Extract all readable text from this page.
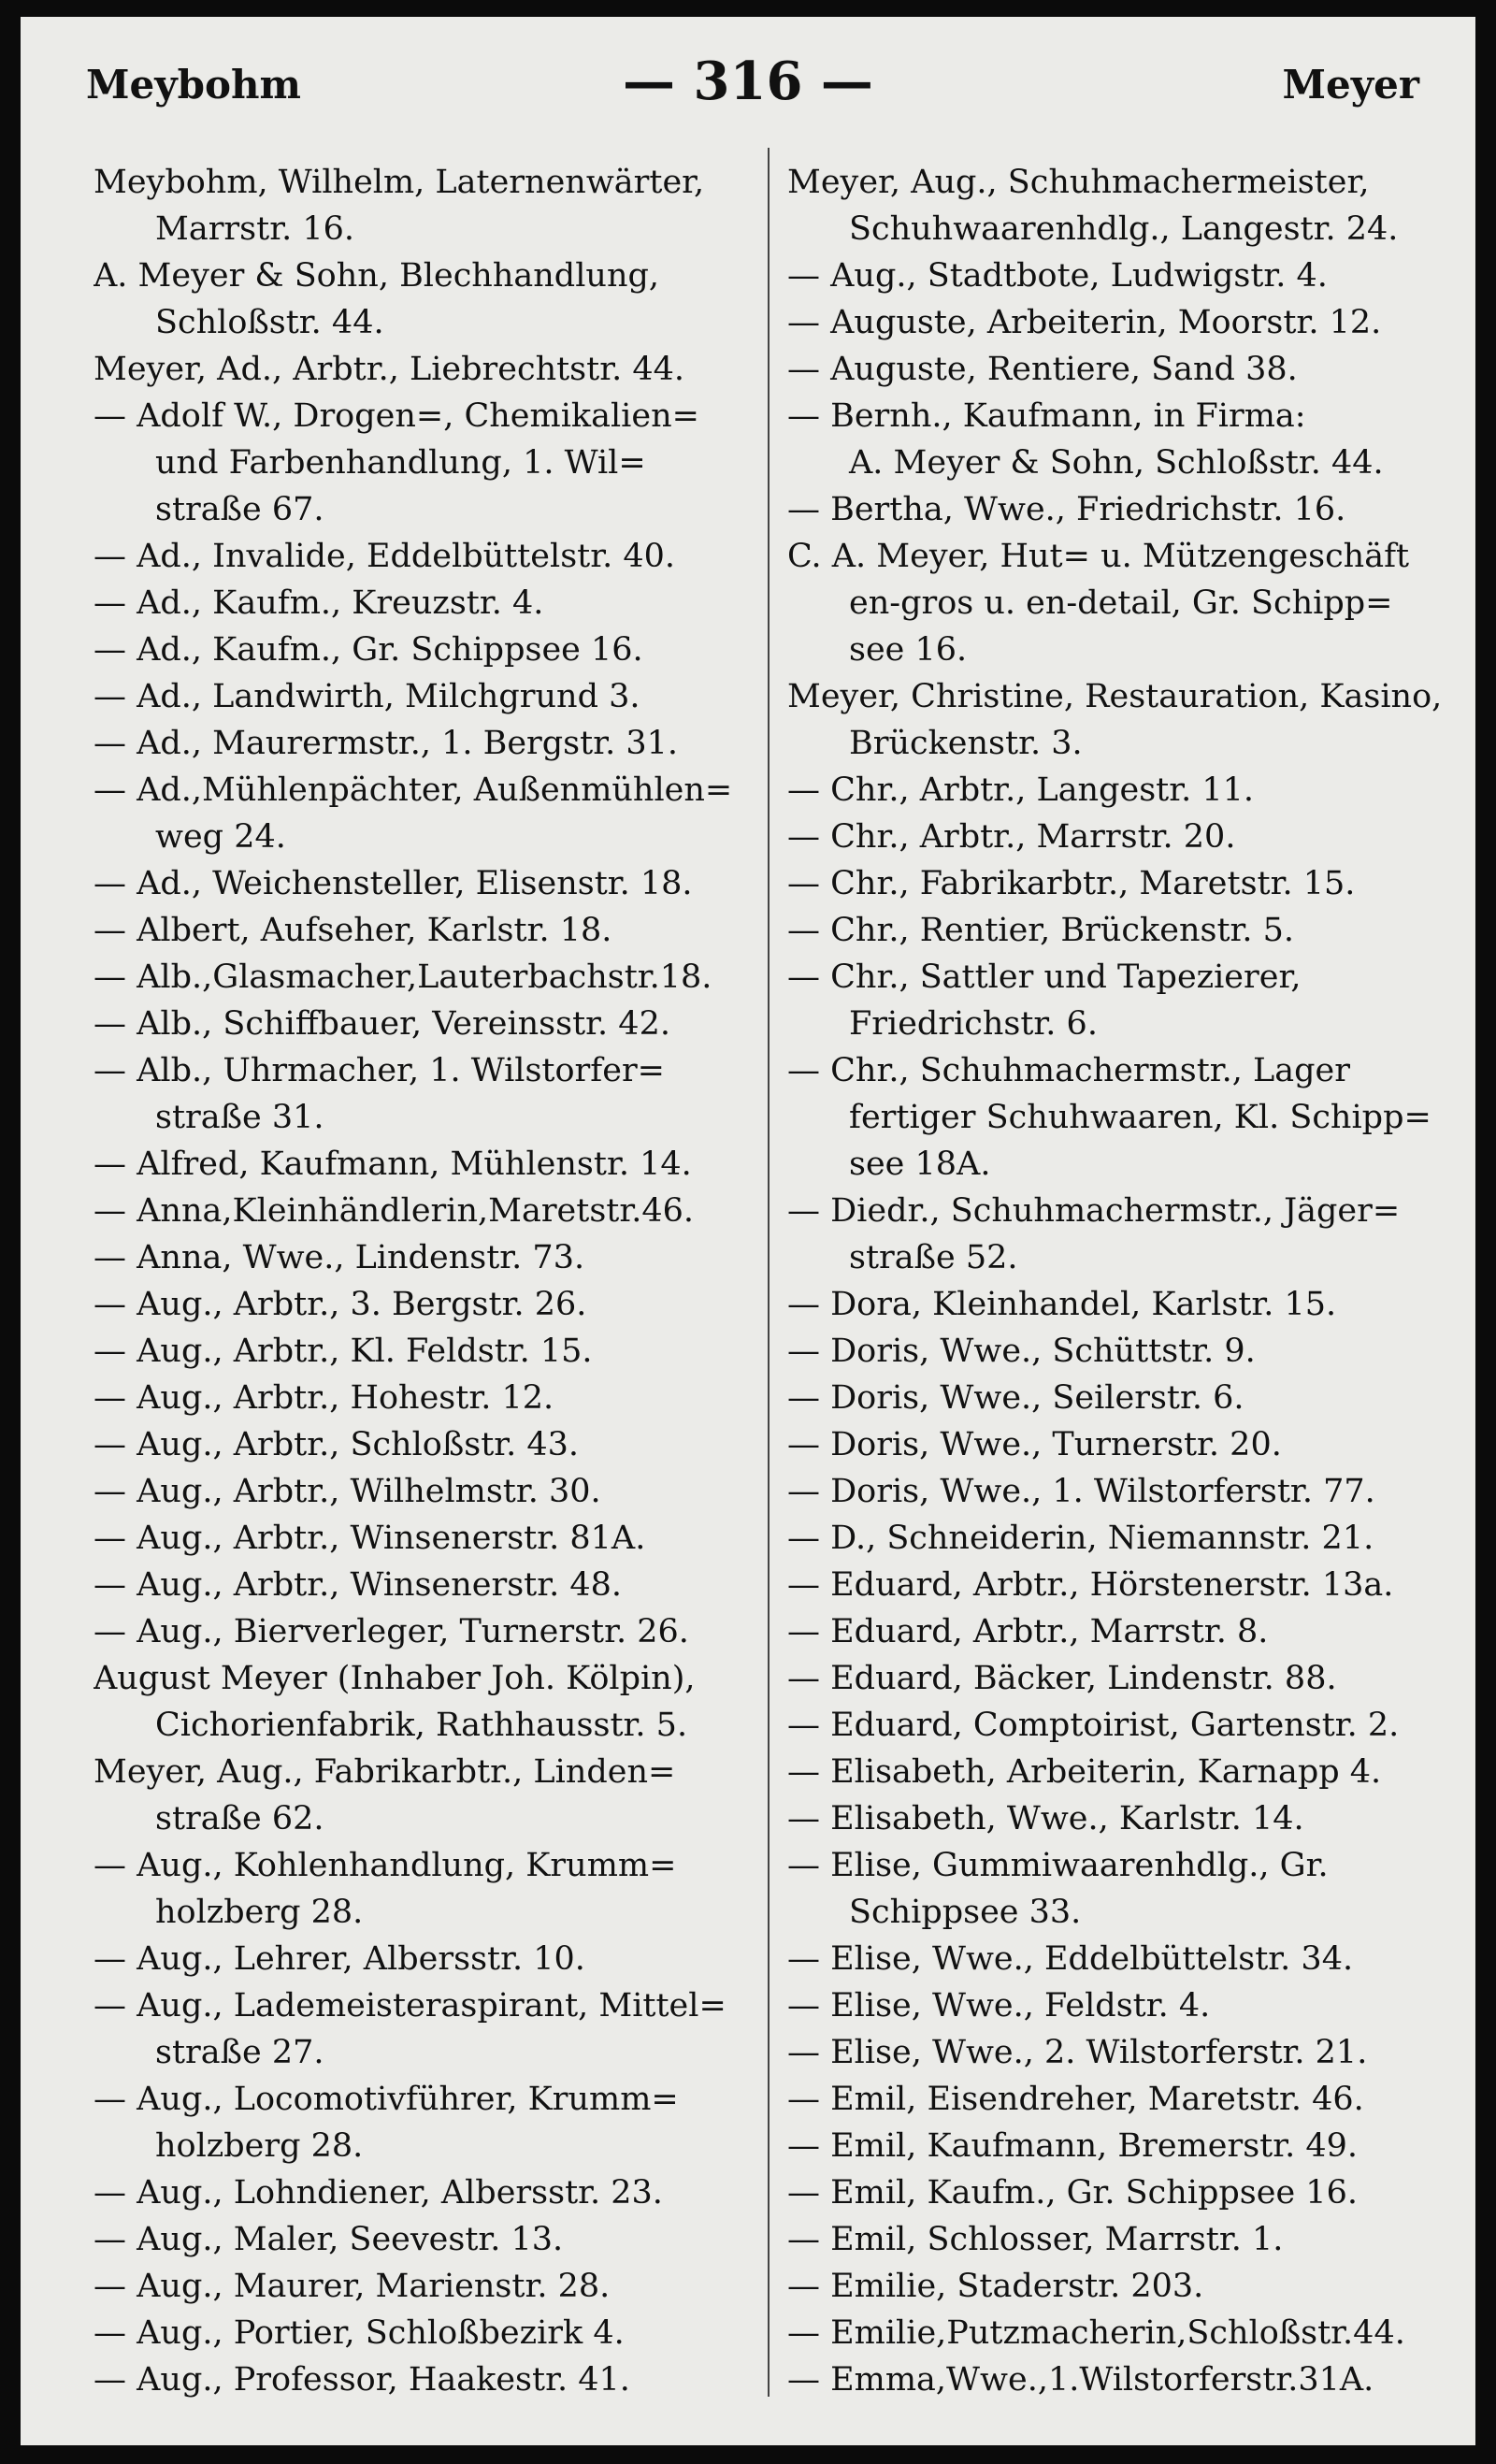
Meybohm	— 316 —	Meyer
Meybohm, Wilhelm, Laternenwärter,
Marrstr. 16.
A. Meyer & Sohn, Blechhandlung,
Schloßstr. 44.
Meyer, Ad., Arbtr., Liebrechtstr. 44.
— Adolf W., Drogen=, Chemikalien=
und Farbenhandlung, 1. Wil=
straße 67.
— Ad., Invalide, Eddelbüttelstr. 40.
— Ad., Kaufm., Kreuzstr. 4.
— Ad., Kaufm., Gr. Schippsee 16.
— Ad., Landwirth, Milchgrund 3.
— Ad., Maurermstr., 1. Bergstr. 31.
— Ad.,Mühlenpächter, Außenmühlen=
weg 24.
— Ad., Weichensteller, Elisenstr. 18.
— Albert, Aufseher, Karlstr. 18.
— Alb.,Glasmacher,Lauterbachstr.18.
— Alb., Schiffbauer, Vereinsstr. 42.
— Alb., Uhrmacher, 1. Wilstorfer=
straße 31.
— Alfred, Kaufmann, Mühlenstr. 14.
— Anna,Kleinhändlerin,Maretstr.46.
— Anna, Wwe., Lindenstr. 73.
— Aug., Arbtr., 3. Bergstr. 26.
— Aug., Arbtr., Kl. Feldstr. 15.
— Aug., Arbtr., Hohestr. 12.
— Aug., Arbtr., Schloßstr. 43.
— Aug., Arbtr., Wilhelmstr. 30.
— Aug., Arbtr., Winsenerstr. 81A.
— Aug., Arbtr., Winsenerstr. 48.
— Aug., Bierverleger, Turnerstr. 26.
August Meyer (Inhaber Joh. Kölpin),
Cichorienfabrik, Rathhausstr. 5.
Meyer, Aug., Fabrikarbtr., Linden=
straße 62.
— Aug., Kohlenhandlung, Krumm=
holzberg 28.
— Aug., Lehrer, Albersstr. 10.
— Aug., Lademeisteraspirant, Mittel=
straße 27.
— Aug., Locomotivführer, Krumm=
holzberg 28.
— Aug., Lohndiener, Albersstr. 23.
— Aug., Maler, Seevestr. 13.
— Aug., Maurer, Marienstr. 28.
— Aug., Portier, Schloßbezirk 4.
— Aug., Professor, Haakestr. 41.
Meyer, Aug., Schuhmachermeister,
Schuhwaarenhdlg., Langestr. 24.
— Aug., Stadtbote, Ludwigstr. 4.
— Auguste, Arbeiterin, Moorstr. 12.
— Auguste, Rentiere, Sand 38.
— Bernh., Kaufmann, in Firma:
A. Meyer & Sohn, Schloßstr. 44.
— Bertha, Wwe., Friedrichstr. 16.
C. A. Meyer, Hut= u. Mützengeschäft
en-gros u. en-detail, Gr. Schipp=
see 16.
Meyer, Christine, Restauration, Kasino,
Brückenstr. 3.
— Chr., Arbtr., Langestr. 11.
— Chr., Arbtr., Marrstr. 20.
— Chr., Fabrikarbtr., Maretstr. 15.
— Chr., Rentier, Brückenstr. 5.
— Chr., Sattler und Tapezierer,
Friedrichstr. 6.
— Chr., Schuhmachermstr., Lager
fertiger Schuhwaaren, Kl. Schipp=
see 18A.
— Diedr., Schuhmachermstr., Jäger=
straße 52.
— Dora, Kleinhandel, Karlstr. 15.
— Doris, Wwe., Schüttstr. 9.
— Doris, Wwe., Seilerstr. 6.
— Doris, Wwe., Turnerstr. 20.
— Doris, Wwe., 1. Wilstorferstr. 77.
— D., Schneiderin, Niemannstr. 21.
— Eduard, Arbtr., Hörstenerstr. 13a.
— Eduard, Arbtr., Marrstr. 8.
— Eduard, Bäcker, Lindenstr. 88.
— Eduard, Comptoirist, Gartenstr. 2.
— Elisabeth, Arbeiterin, Karnapp 4.
— Elisabeth, Wwe., Karlstr. 14.
— Elise, Gummiwaarenhdlg., Gr.
Schippsee 33.
— Elise, Wwe., Eddelbüttelstr. 34.
— Elise, Wwe., Feldstr. 4.
— Elise, Wwe., 2. Wilstorferstr. 21.
— Emil, Eisendreher, Maretstr. 46.
— Emil, Kaufmann, Bremerstr. 49.
— Emil, Kaufm., Gr. Schippsee 16.
— Emil, Schlosser, Marrstr. 1.
— Emilie, Staderstr. 203.
— Emilie,Putzmacherin,Schloßstr.44.
— Emma,Wwe.,1.Wilstorferstr.31A.
